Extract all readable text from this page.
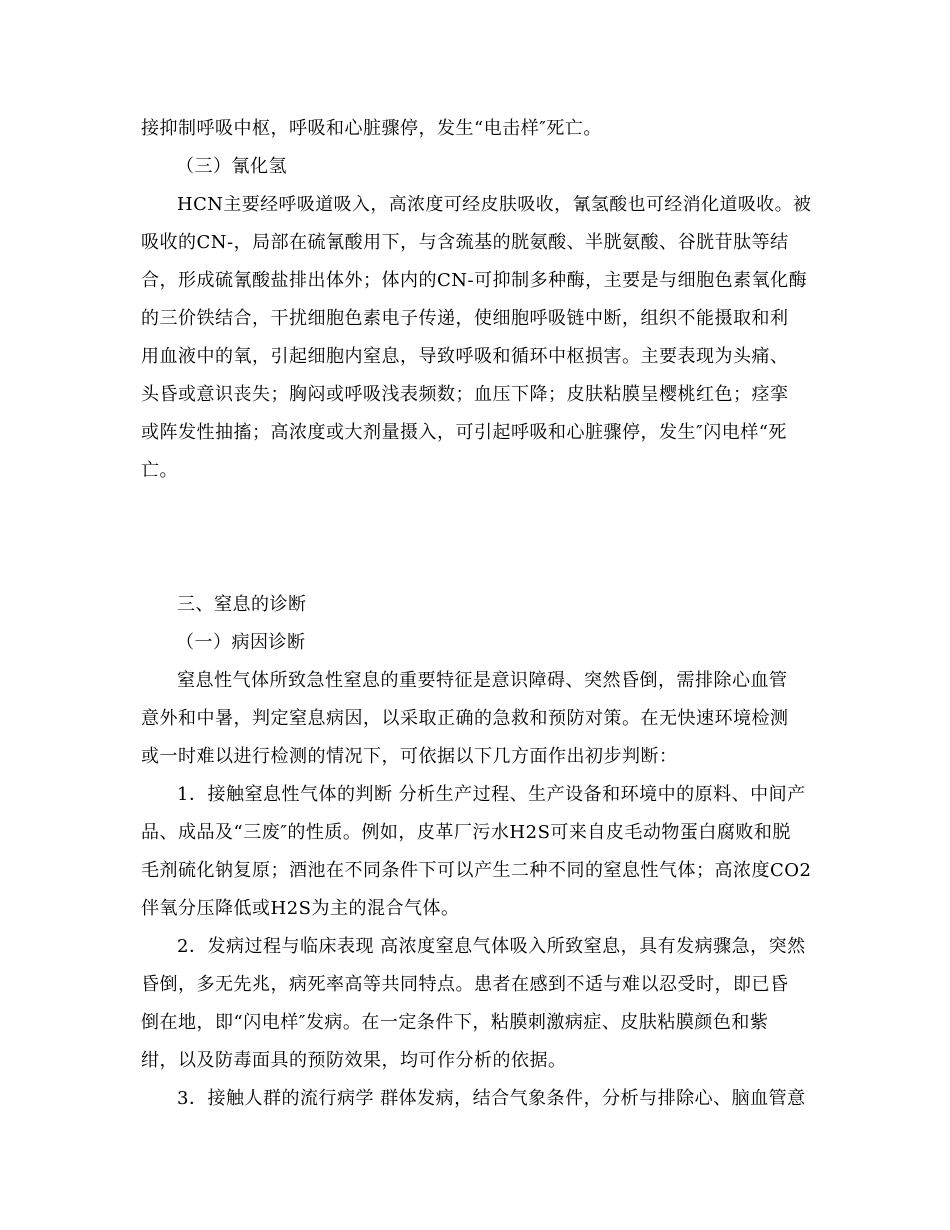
接抑制呼吸中枢，呼吸和心脏骤停，发生“电击样″死亡。
（三）氰化氢
HCN主要经呼吸道吸入，高浓度可经皮肤吸收，氰氢酸也可经消化道吸收。被
吸收的CN-，局部在硫氰酸用下，与含巯基的胱氨酸、半胱氨酸、谷胱苷肽等结
合，形成硫氰酸盐排出体外；体内的CN-可抑制多种酶，主要是与细胞色素氧化酶
的三价铁结合，干扰细胞色素电子传递，使细胞呼吸链中断，组织不能摄取和利
用血液中的氧，引起细胞内窒息，导致呼吸和循环中枢损害。主要表现为头痛、
头昏或意识丧失；胸闷或呼吸浅表频数；血压下降；皮肤粘膜呈樱桃红色；痉挛
或阵发性抽搐；高浓度或大剂量摄入，可引起呼吸和心脏骤停，发生″闪电样“死
亡。
三、窒息的诊断
（一）病因诊断
窒息性气体所致急性窒息的重要特征是意识障碍、突然昏倒，需排除心血管
意外和中暑，判定窒息病因，以采取正确的急救和预防对策。在无快速环境检测
或一时难以进行检测的情况下，可依据以下几方面作出初步判断：
1．接触窒息性气体的判断 分析生产过程、生产设备和环境中的原料、中间产
品、成品及“三废″的性质。例如，皮革厂污水H2S可来自皮毛动物蛋白腐败和脱
毛剂硫化钠复原；酒池在不同条件下可以产生二种不同的窒息性气体；高浓度CO2
伴氧分压降低或H2S为主的混合气体。
2．发病过程与临床表现 高浓度窒息气体吸入所致窒息，具有发病骤急，突然
昏倒，多无先兆，病死率高等共同特点。患者在感到不适与难以忍受时，即已昏
倒在地，即“闪电样″发病。在一定条件下，粘膜刺激病症、皮肤粘膜颜色和紫
绀，以及防毒面具的预防效果，均可作分析的依据。
3．接触人群的流行病学 群体发病，结合气象条件，分析与排除心、脑血管意
